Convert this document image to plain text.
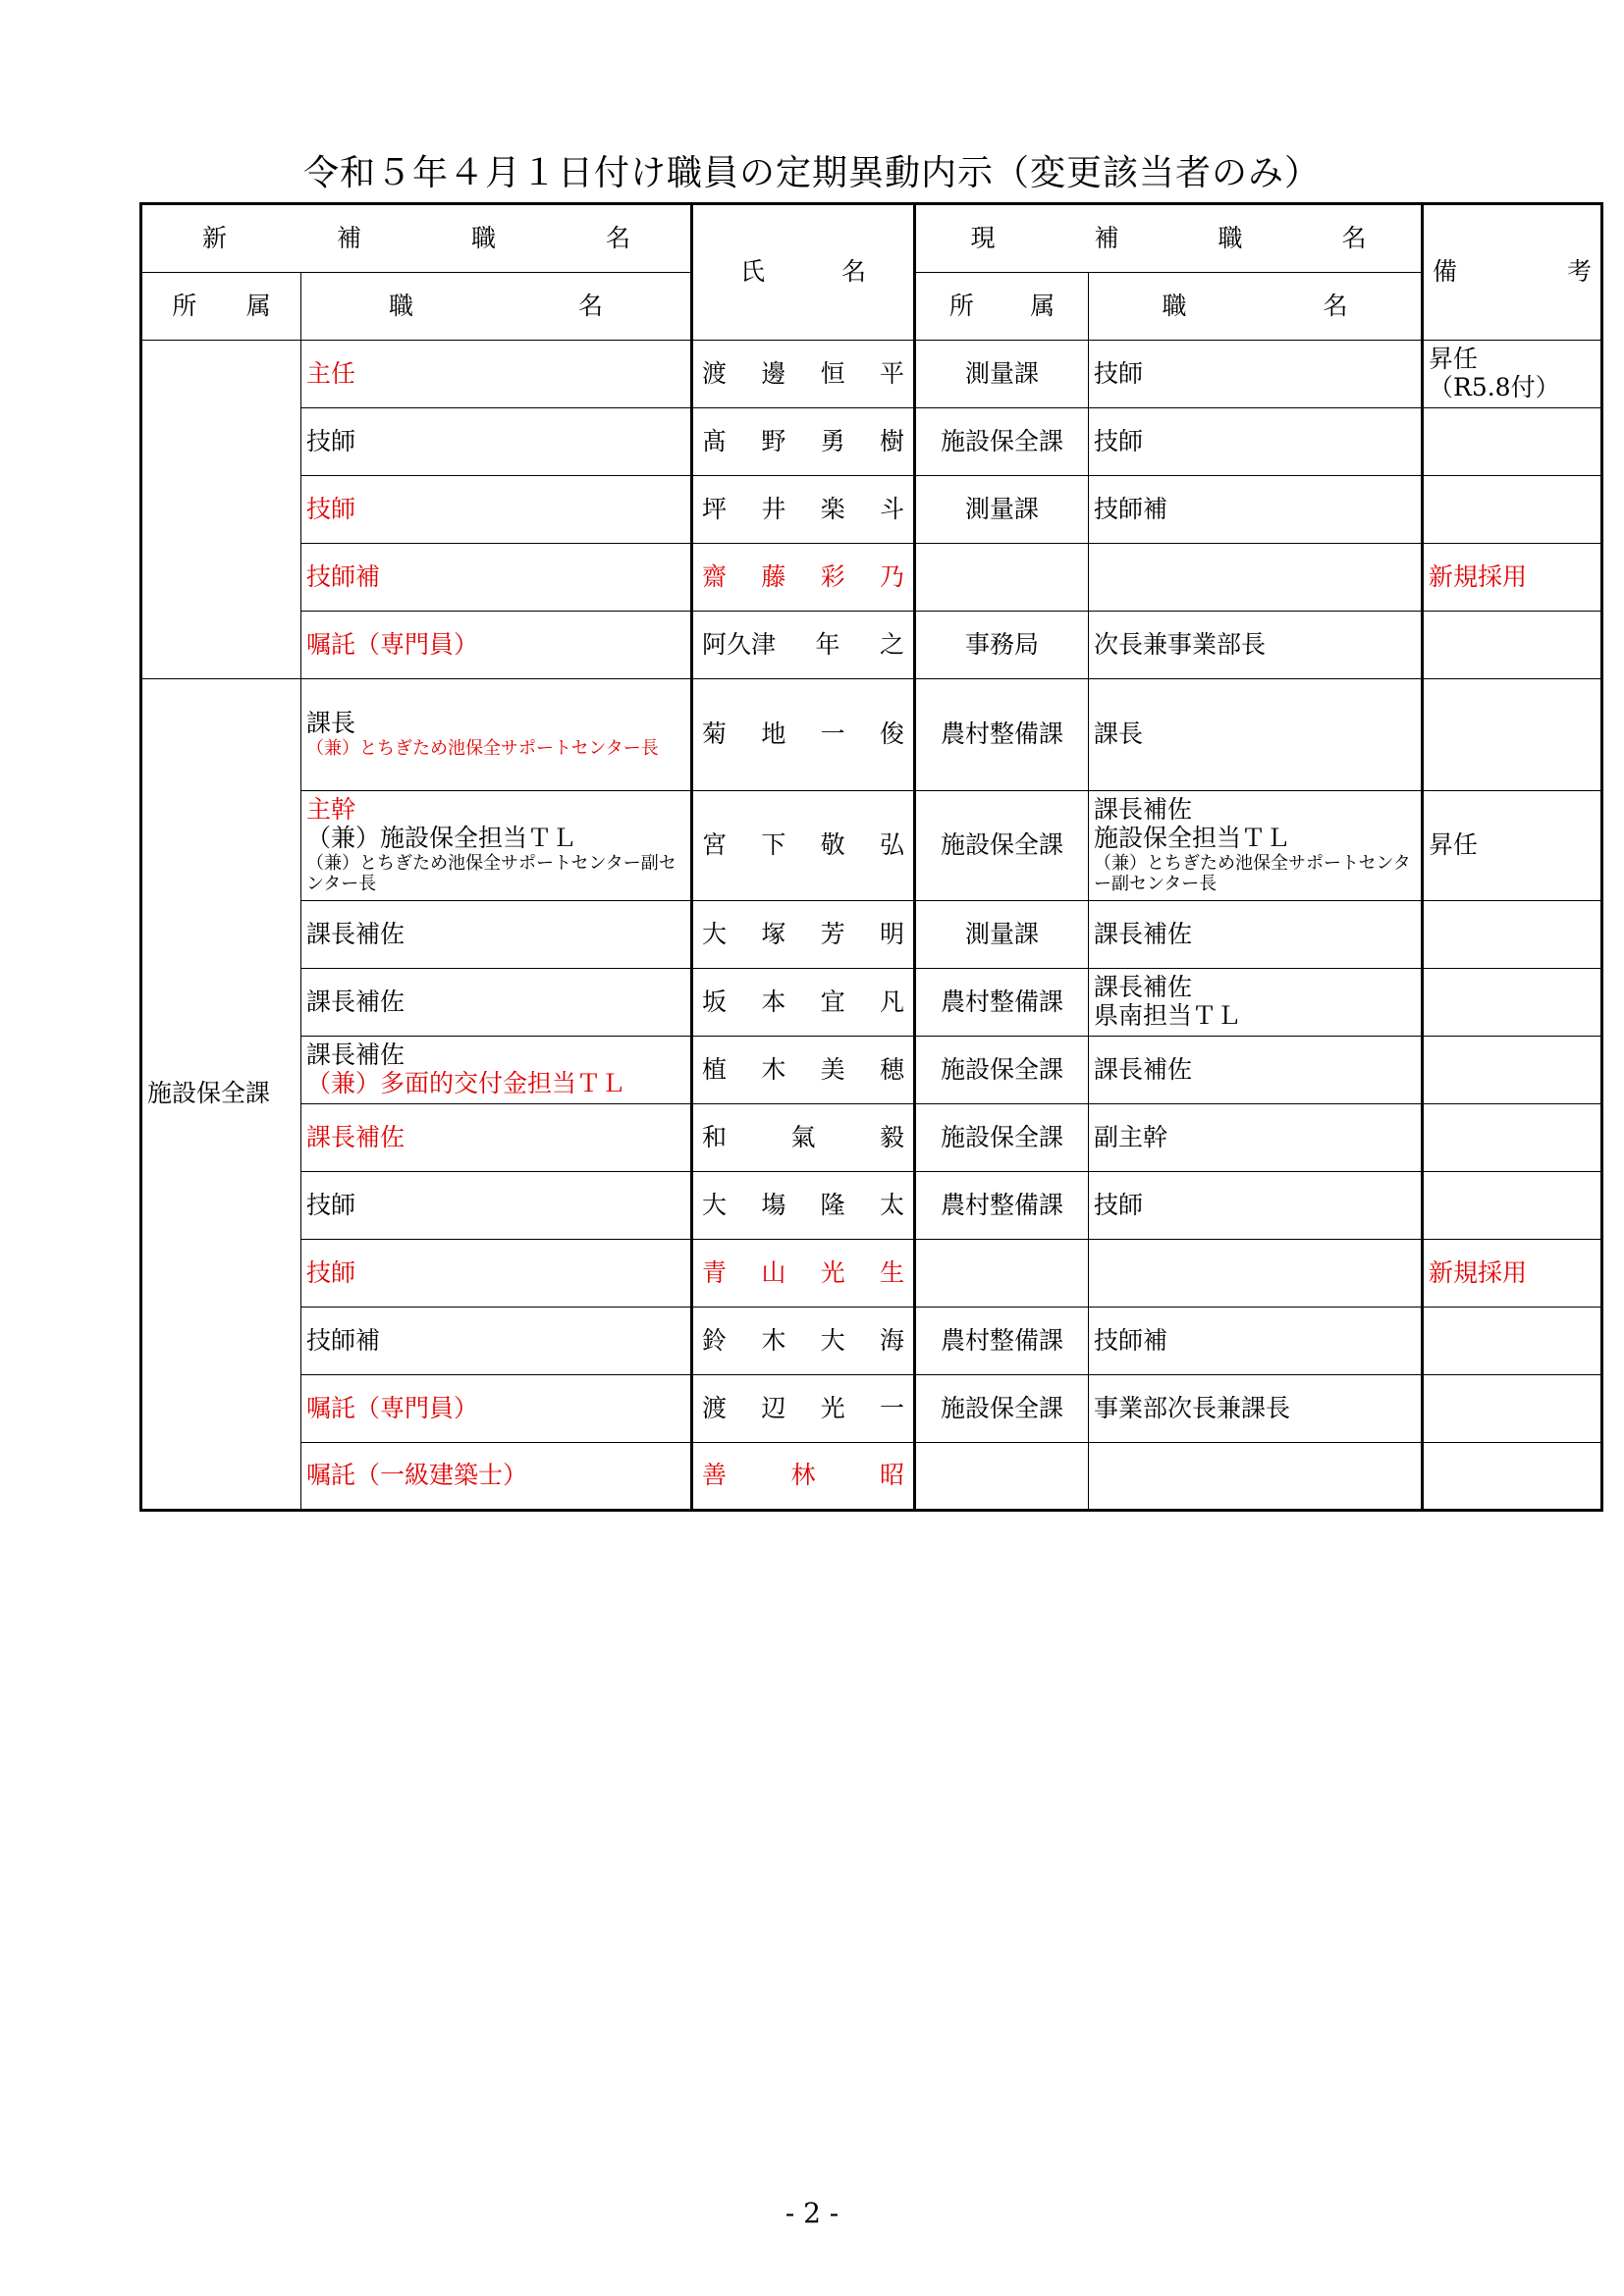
令和５年４月１日付け職員の定期異動内示（変更該当者のみ）
新 補 職 名		氏 名	現 補 職 名		備 考

所 属	職 名		所 属	職 名	

	主任	渡 邊 恒 平	測量課	技師	昇任
（R5.8付）

	技師	髙 野 勇 樹	施設保全課	技師	

	技師	坪 井 楽 斗	測量課	技師補	

	技師補	齋 藤 彩 乃			新規採用

	嘱託（専門員）	阿久津 年 之	事務局	次長兼事業部長	

施設保全課	課長
（兼）とちぎため池保全サポートセンター長	菊 地 一 俊	農村整備課	課長	

	主幹
（兼）施設保全担当ＴＬ
（兼）とちぎため池保全サポートセンター副センター長	宮 下 敬 弘	施設保全課	課長補佐
施設保全担当ＴＬ
（兼）とちぎため池保全サポートセンター副センター長	昇任

	課長補佐	大 塚 芳 明	測量課	課長補佐	

	課長補佐	坂 本 宜 凡	農村整備課	課長補佐
県南担当ＴＬ	

	課長補佐
（兼）多面的交付金担当ＴＬ	植 木 美 穂	施設保全課	課長補佐	

	課長補佐	和 氣 毅	施設保全課	副主幹	

	技師	大 塲 隆 太	農村整備課	技師	

	技師	青 山 光 生			新規採用

	技師補	鈴 木 大 海	農村整備課	技師補	

	嘱託（専門員）	渡 辺 光 一	施設保全課	事業部次長兼課長	

	嘱託（一級建築士）	善 林 昭			

- 2 -
